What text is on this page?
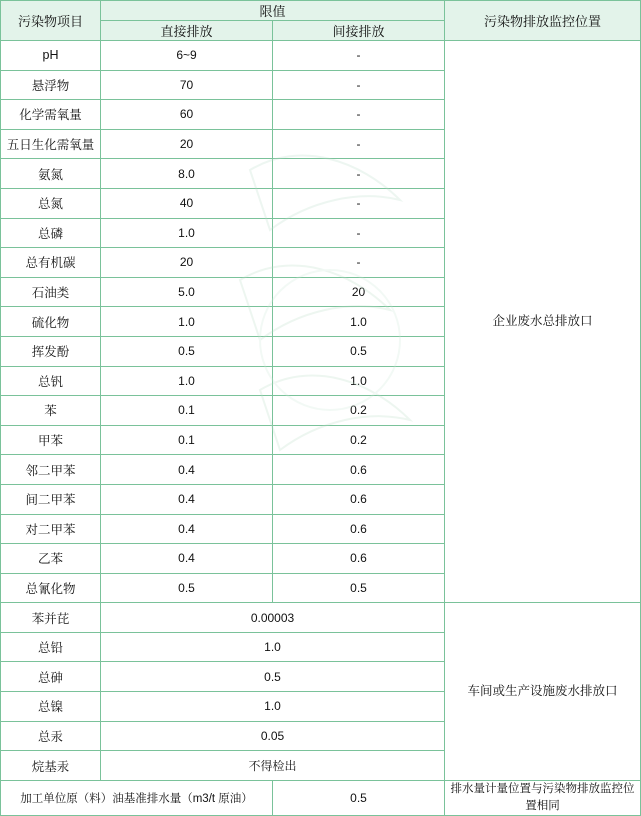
污染物项目	限值		污染物排放监控位置
	直接排放	间接排放	
pH	6~9	-	企业废水总排放口
悬浮物	70	-	
化学需氧量	60	-	
五日生化需氧量	20	-	
氨氮	8.0	-	
总氮	40	-	
总磷	1.0	-	
总有机碳	20	-	
石油类	5.0	20	
硫化物	1.0	1.0	
挥发酚	0.5	0.5	
总钒	1.0	1.0	
苯	0.1	0.2	
甲苯	0.1	0.2	
邻二甲苯	0.4	0.6	
间二甲苯	0.4	0.6	
对二甲苯	0.4	0.6	
乙苯	0.4	0.6	
总氰化物	0.5	0.5	
苯并芘	0.00003		车间或生产设施废水排放口
总铅	1.0		
总砷	0.5		
总镍	1.0		
总汞	0.05		
烷基汞	不得检出		
加工单位原（料）油基准排水量（m3/t 原油）		0.5	排水量计量位置与污染物排放监控位置相同
